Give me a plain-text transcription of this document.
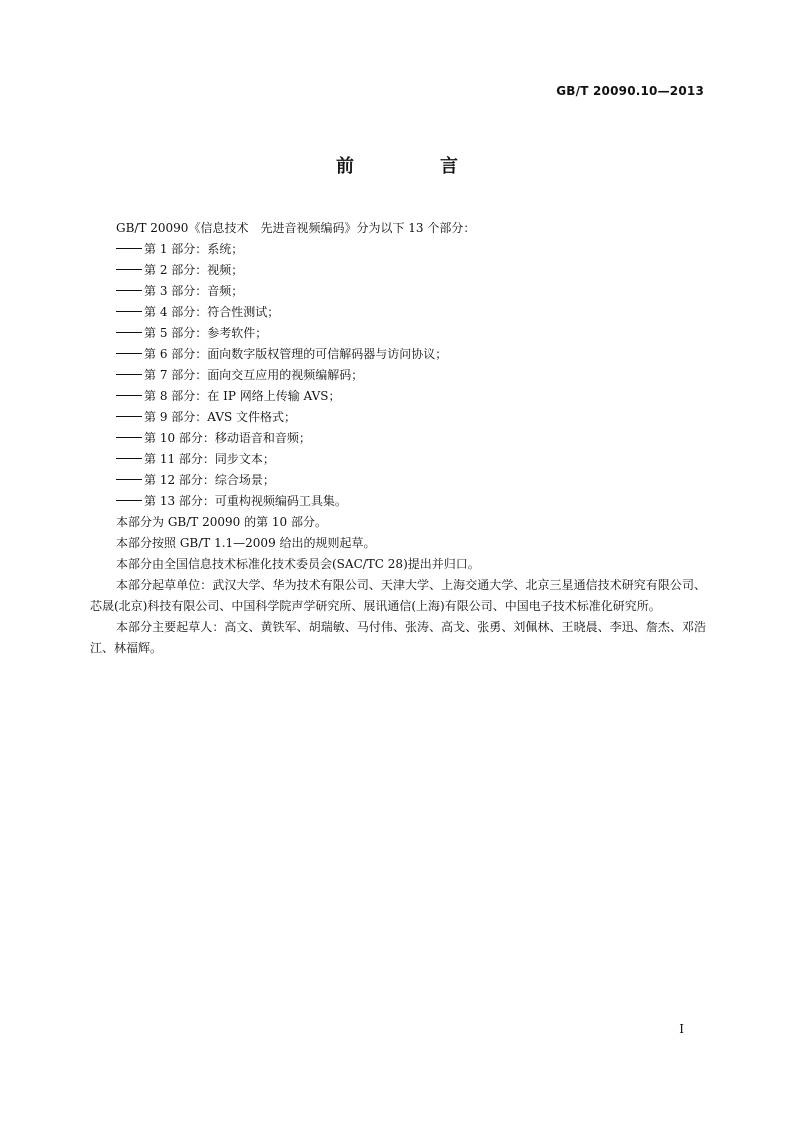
GB/T 20090.10—2013
前　言

GB/T 20090《信息技术　先进音视频编码》分为以下 13 个部分：

第 1 部分：系统；
第 2 部分：视频；
第 3 部分：音频；
第 4 部分：符合性测试；
第 5 部分：参考软件；
第 6 部分：面向数字版权管理的可信解码器与访问协议；
第 7 部分：面向交互应用的视频编解码；
第 8 部分：在 IP 网络上传输 AVS；
第 9 部分：AVS 文件格式；
第 10 部分：移动语音和音频；
第 11 部分：同步文本；
第 12 部分：综合场景；
第 13 部分：可重构视频编码工具集。

本部分为 GB/T 20090 的第 10 部分。

本部分按照 GB/T 1.1—2009 给出的规则起草。

本部分由全国信息技术标准化技术委员会(SAC/TC 28)提出并归口。

本部分起草单位：武汉大学、华为技术有限公司、天津大学、上海交通大学、北京三星通信技术研究有限公司、芯晟(北京)科技有限公司、中国科学院声学研究所、展讯通信(上海)有限公司、中国电子技术标准化研究所。

本部分主要起草人：高文、黄铁军、胡瑞敏、马付伟、张涛、高戈、张勇、刘佩林、王晓晨、李迅、詹杰、邓浩江、林福辉。

I
